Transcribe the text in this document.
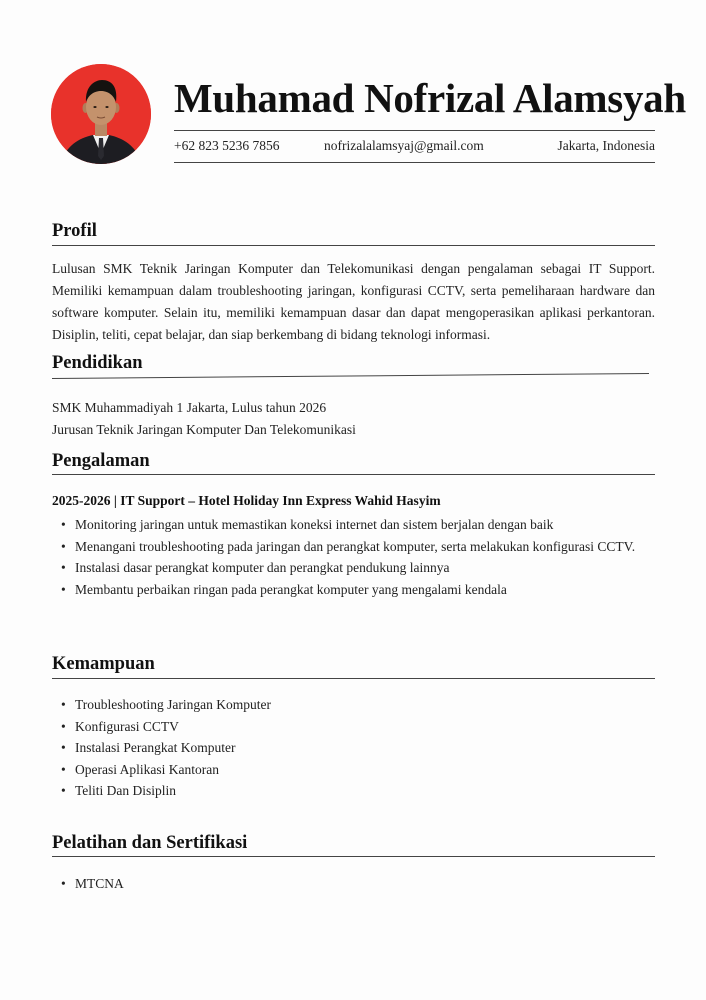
Muhamad Nofrizal Alamsyah
+62 823 5236 7856	nofrizalalamsyaj@gmail.com	Jakarta, Indonesia
Profil

Lulusan SMK Teknik Jaringan Komputer dan Telekomunikasi dengan pengalaman sebagai IT Support. Memiliki kemampuan dalam troubleshooting jaringan, konfigurasi CCTV, serta pemeliharaan hardware dan software komputer. Selain itu, memiliki kemampuan dasar dan dapat mengoperasikan aplikasi perkantoran. Disiplin, teliti, cepat belajar, dan siap berkembang di bidang teknologi informasi.

Pendidikan
SMK Muhammadiyah 1 Jakarta, Lulus tahun 2026
Jurusan Teknik Jaringan Komputer Dan Telekomunikasi
Pengalaman
2025-2026 | IT Support – Hotel Holiday Inn Express Wahid Hasyim
• Monitoring jaringan untuk memastikan koneksi internet dan sistem berjalan dengan baik
• Menangani troubleshooting pada jaringan dan perangkat komputer, serta melakukan konfigurasi CCTV.
• Instalasi dasar perangkat komputer dan perangkat pendukung lainnya
• Membantu perbaikan ringan pada perangkat komputer yang mengalami kendala
Kemampuan
• Troubleshooting Jaringan Komputer
• Konfigurasi CCTV
• Instalasi Perangkat Komputer
• Operasi Aplikasi Kantoran
• Teliti Dan Disiplin
Pelatihan dan Sertifikasi
• MTCNA
